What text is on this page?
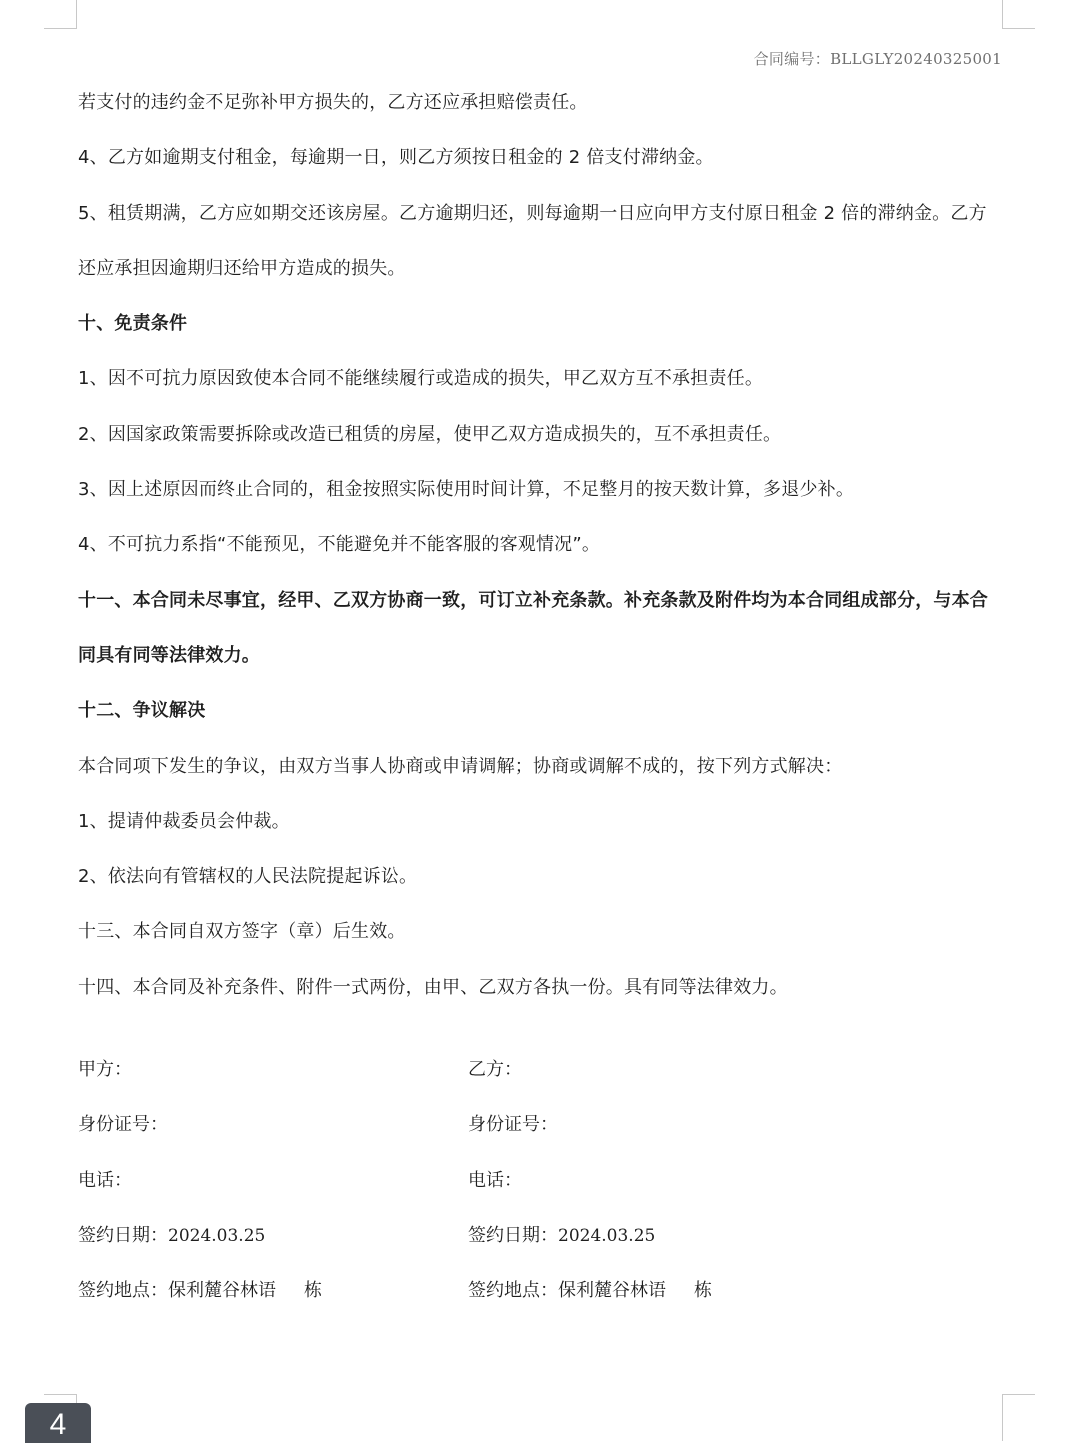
合同编号：BLLGLY20240325001
若支付的违约金不足弥补甲方损失的，乙方还应承担赔偿责任。
4、乙方如逾期支付租金，每逾期一日，则乙方须按日租金的 2 倍支付滞纳金。
5、租赁期满，乙方应如期交还该房屋。乙方逾期归还，则每逾期一日应向甲方支付原日租金 2 倍的滞纳金。乙方
还应承担因逾期归还给甲方造成的损失。
十、免责条件
1、因不可抗力原因致使本合同不能继续履行或造成的损失，甲乙双方互不承担责任。
2、因国家政策需要拆除或改造已租赁的房屋，使甲乙双方造成损失的，互不承担责任。
3、因上述原因而终止合同的，租金按照实际使用时间计算，不足整月的按天数计算，多退少补。
4、不可抗力系指“不能预见，不能避免并不能客服的客观情况”。
十一、本合同未尽事宜，经甲、乙双方协商一致，可订立补充条款。补充条款及附件均为本合同组成部分，与本合
同具有同等法律效力。
十二、争议解决
本合同项下发生的争议，由双方当事人协商或申请调解；协商或调解不成的，按下列方式解决：
1、提请仲裁委员会仲裁。
2、依法向有管辖权的人民法院提起诉讼。
十三、本合同自双方签字（章）后生效。
十四、本合同及补充条件、附件一式两份，由甲、乙双方各执一份。具有同等法律效力。
甲方：	乙方：
身份证号：	身份证号：
电话：	电话：
签约日期：2024.03.25	签约日期：2024.03.25
签约地点：保利麓谷林语 栋	签约地点：保利麓谷林语 栋
4
